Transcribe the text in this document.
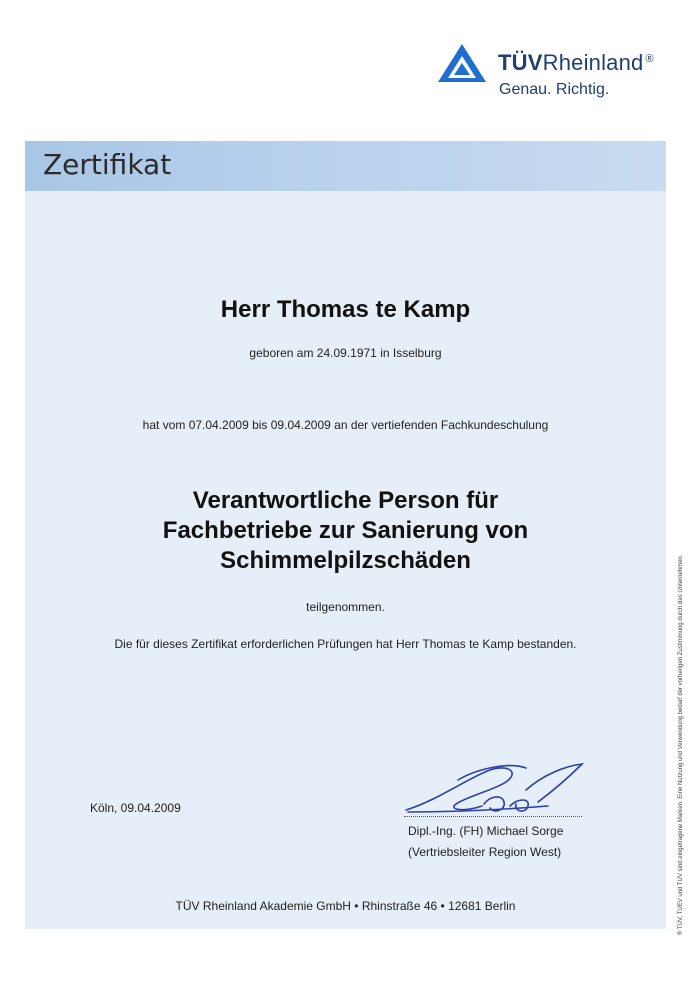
TÜVRheinland ®
Genau. Richtig.
Zertifikat
Herr Thomas te Kamp
geboren am 24.09.1971 in Isselburg
hat vom 07.04.2009 bis 09.04.2009 an der vertiefenden Fachkundeschulung
Verantwortliche Person für
Fachbetriebe zur Sanierung von
Schimmelpilzschäden
teilgenommen.
Die für dieses Zertifikat erforderlichen Prüfungen hat Herr Thomas te Kamp bestanden.
Köln, 09.04.2009
Dipl.-Ing. (FH) Michael Sorge
(Vertriebsleiter Region West)
TÜV Rheinland Akademie GmbH • Rhinstraße 46 • 12681 Berlin	® TÜV, TUEV und TUV sind eingetragene Marken. Eine Nutzung und Verwendung bedarf der vorherigen Zustimmung durch das Unternehmen.
